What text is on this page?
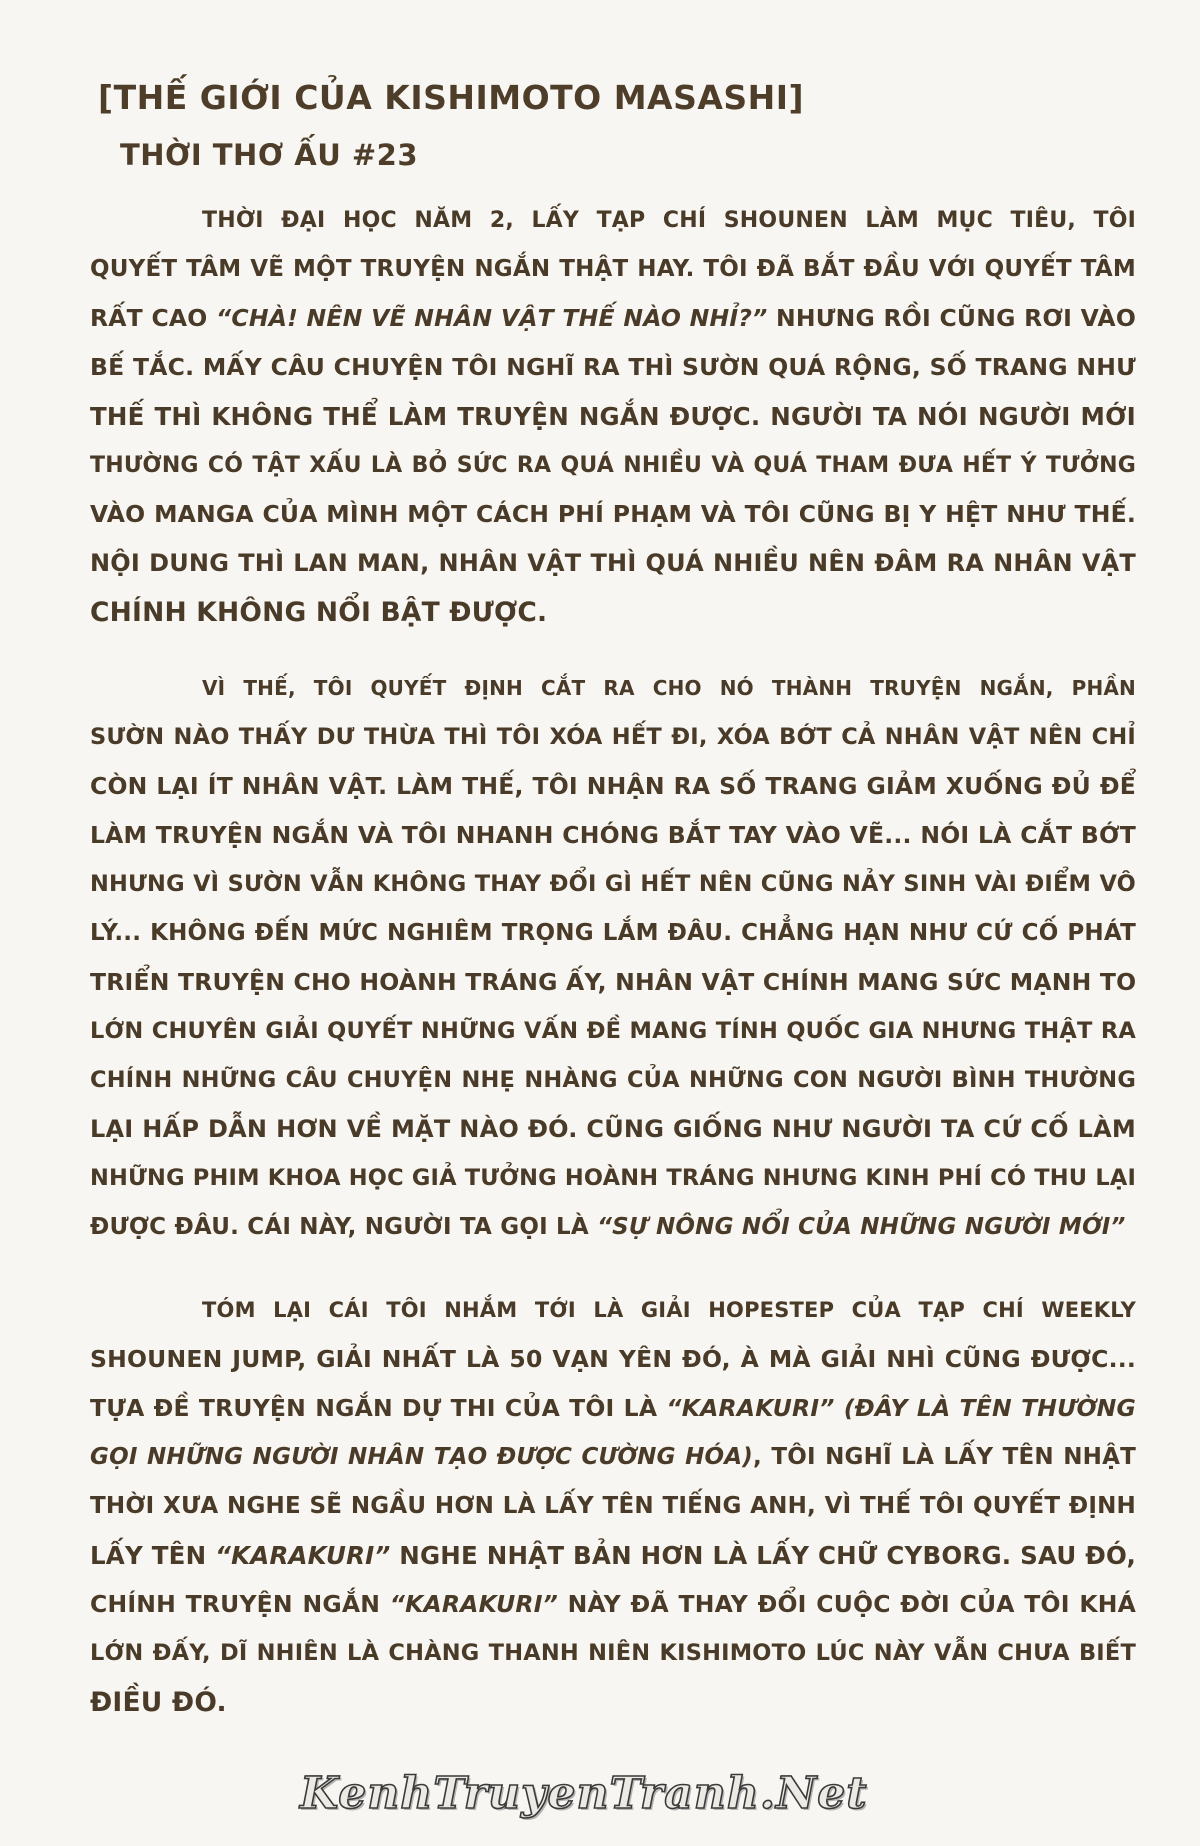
[THẾ GIỚI CỦA KISHIMOTO MASASHI]
THỜI THƠ ẤU #23
THỜI ĐẠI HỌC NĂM 2, LẤY TẠP CHÍ SHOUNEN LÀM MỤC TIÊU, TÔI
QUYẾT TÂM VẼ MỘT TRUYỆN NGẮN THẬT HAY. TÔI ĐÃ BẮT ĐẦU VỚI QUYẾT TÂM
RẤT CAO “CHÀ! NÊN VẼ NHÂN VẬT THẾ NÀO NHỈ?” NHƯNG RỒI CŨNG RƠI VÀO
BẾ TẮC. MẤY CÂU CHUYỆN TÔI NGHĨ RA THÌ SƯỜN QUÁ RỘNG, SỐ TRANG NHƯ
THẾ THÌ KHÔNG THỂ LÀM TRUYỆN NGẮN ĐƯỢC. NGƯỜI TA NÓI NGƯỜI MỚI
THƯỜNG CÓ TẬT XẤU LÀ BỎ SỨC RA QUÁ NHIỀU VÀ QUÁ THAM ĐƯA HẾT Ý TƯỞNG
VÀO MANGA CỦA MÌNH MỘT CÁCH PHÍ PHẠM VÀ TÔI CŨNG BỊ Y HỆT NHƯ THẾ.
NỘI DUNG THÌ LAN MAN, NHÂN VẬT THÌ QUÁ NHIỀU NÊN ĐÂM RA NHÂN VẬT
CHÍNH KHÔNG NỔI BẬT ĐƯỢC.
VÌ THẾ, TÔI QUYẾT ĐỊNH CẮT RA CHO NÓ THÀNH TRUYỆN NGẮN, PHẦN
SƯỜN NÀO THẤY DƯ THỪA THÌ TÔI XÓA HẾT ĐI, XÓA BỚT CẢ NHÂN VẬT NÊN CHỈ
CÒN LẠI ÍT NHÂN VẬT. LÀM THẾ, TÔI NHẬN RA SỐ TRANG GIẢM XUỐNG ĐỦ ĐỂ
LÀM TRUYỆN NGẮN VÀ TÔI NHANH CHÓNG BẮT TAY VÀO VẼ... NÓI LÀ CẮT BỚT
NHƯNG VÌ SƯỜN VẪN KHÔNG THAY ĐỔI GÌ HẾT NÊN CŨNG NẢY SINH VÀI ĐIỂM VÔ
LÝ... KHÔNG ĐẾN MỨC NGHIÊM TRỌNG LẮM ĐÂU. CHẲNG HẠN NHƯ CỨ CỐ PHÁT
TRIỂN TRUYỆN CHO HOÀNH TRÁNG ẤY, NHÂN VẬT CHÍNH MANG SỨC MẠNH TO
LỚN CHUYÊN GIẢI QUYẾT NHỮNG VẤN ĐỀ MANG TÍNH QUỐC GIA NHƯNG THẬT RA
CHÍNH NHỮNG CÂU CHUYỆN NHẸ NHÀNG CỦA NHỮNG CON NGƯỜI BÌNH THƯỜNG
LẠI HẤP DẪN HƠN VỀ MẶT NÀO ĐÓ. CŨNG GIỐNG NHƯ NGƯỜI TA CỨ CỐ LÀM
NHỮNG PHIM KHOA HỌC GIẢ TƯỞNG HOÀNH TRÁNG NHƯNG KINH PHÍ CÓ THU LẠI
ĐƯỢC ĐÂU. CÁI NÀY, NGƯỜI TA GỌI LÀ “SỰ NÔNG NỔI CỦA NHỮNG NGƯỜI MỚI”
TÓM LẠI CÁI TÔI NHẮM TỚI LÀ GIẢI HOPESTEP CỦA TẠP CHÍ WEEKLY
SHOUNEN JUMP, GIẢI NHẤT LÀ 50 VẠN YÊN ĐÓ, À MÀ GIẢI NHÌ CŨNG ĐƯỢC...
TỰA ĐỀ TRUYỆN NGẮN DỰ THI CỦA TÔI LÀ “KARAKURI” (ĐÂY LÀ TÊN THƯỜNG
GỌI NHỮNG NGƯỜI NHÂN TẠO ĐƯỢC CƯỜNG HÓA), TÔI NGHĨ LÀ LẤY TÊN NHẬT
THỜI XƯA NGHE SẼ NGẦU HƠN LÀ LẤY TÊN TIẾNG ANH, VÌ THẾ TÔI QUYẾT ĐỊNH
LẤY TÊN “KARAKURI” NGHE NHẬT BẢN HƠN LÀ LẤY CHỮ CYBORG. SAU ĐÓ,
CHÍNH TRUYỆN NGẮN “KARAKURI” NÀY ĐÃ THAY ĐỔI CUỘC ĐỜI CỦA TÔI KHÁ
LỚN ĐẤY, DĨ NHIÊN LÀ CHÀNG THANH NIÊN KISHIMOTO LÚC NÀY VẪN CHƯA BIẾT
ĐIỀU ĐÓ.
KenhTruyenTranh.Net
